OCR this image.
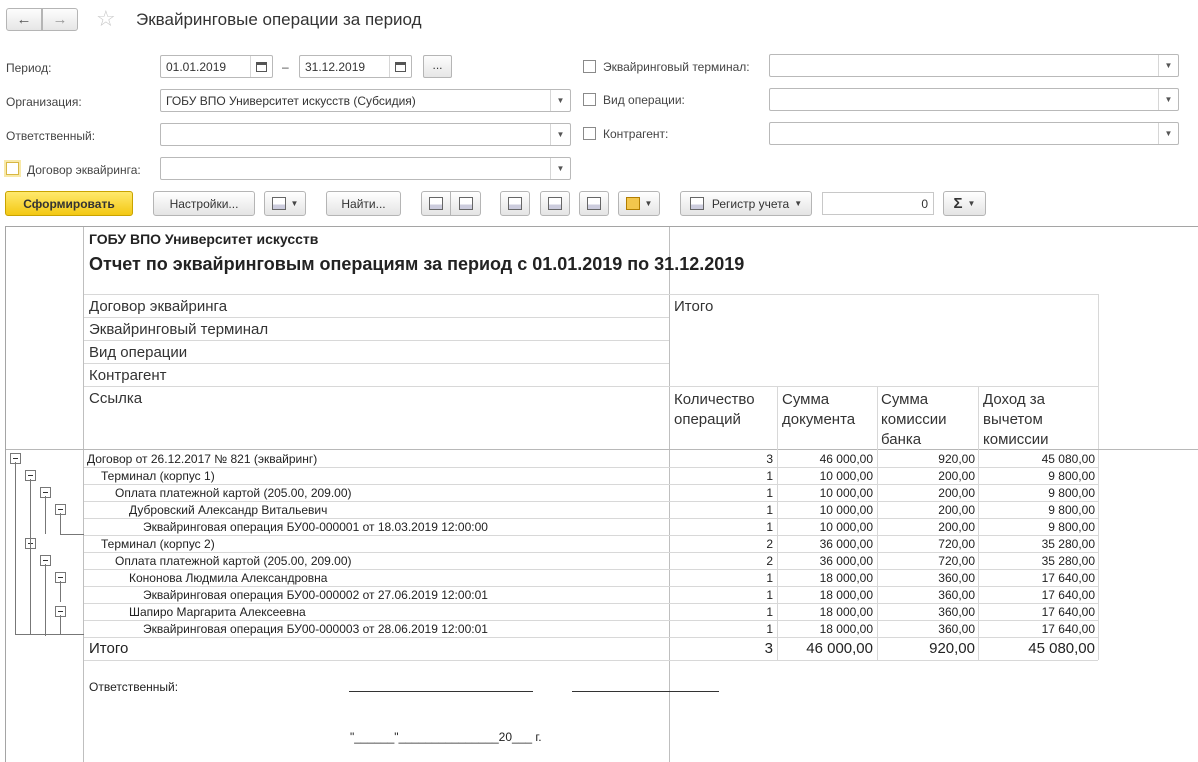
← → ☆ Эквайринговые операции за период
Период:	01.01.2019	–	31.12.2019	...
Организация:	ГОБУ ВПО Университет искусств (Субсидия)	▼
Ответственный:	▼
Договор эквайринга:	▼
Эквайринговый терминал:	▼
Вид операции:	▼
Контрагент:	▼
Сформировать	Настройки...	▼	Найти...	▼	Регистр учета ▼	0	Σ ▼
ГОБУ ВПО Университет искусств
Отчет по эквайринговым операциям за период с 01.01.2019 по 31.12.2019
Договор эквайринга
Эквайринговый терминал
Вид операции
Контрагент
Ссылка
Итого
Количество
операций
Сумма
документа
Сумма
комиссии
банка
Доход за
вычетом
комиссии
Договор от 26.12.2017 № 821 (эквайринг)	3	46 000,00	920,00	45 080,00
Терминал (корпус 1)	1	10 000,00	200,00	9 800,00
Оплата платежной картой (205.00, 209.00)	1	10 000,00	200,00	9 800,00
Дубровский Александр Витальевич	1	10 000,00	200,00	9 800,00
Эквайринговая операция БУ00-000001 от 18.03.2019 12:00:00	1	10 000,00	200,00	9 800,00
Терминал (корпус 2)	2	36 000,00	720,00	35 280,00
Оплата платежной картой (205.00, 209.00)	2	36 000,00	720,00	35 280,00
Кононова Людмила Александровна	1	18 000,00	360,00	17 640,00
Эквайринговая операция БУ00-000002 от 27.06.2019 12:00:01	1	18 000,00	360,00	17 640,00
Шапиро Маргарита Алексеевна	1	18 000,00	360,00	17 640,00
Эквайринговая операция БУ00-000003 от 28.06.2019 12:00:01	1	18 000,00	360,00	17 640,00
Итого	3	46 000,00	920,00	45 080,00
Ответственный:
"______"_______________20___ г.
